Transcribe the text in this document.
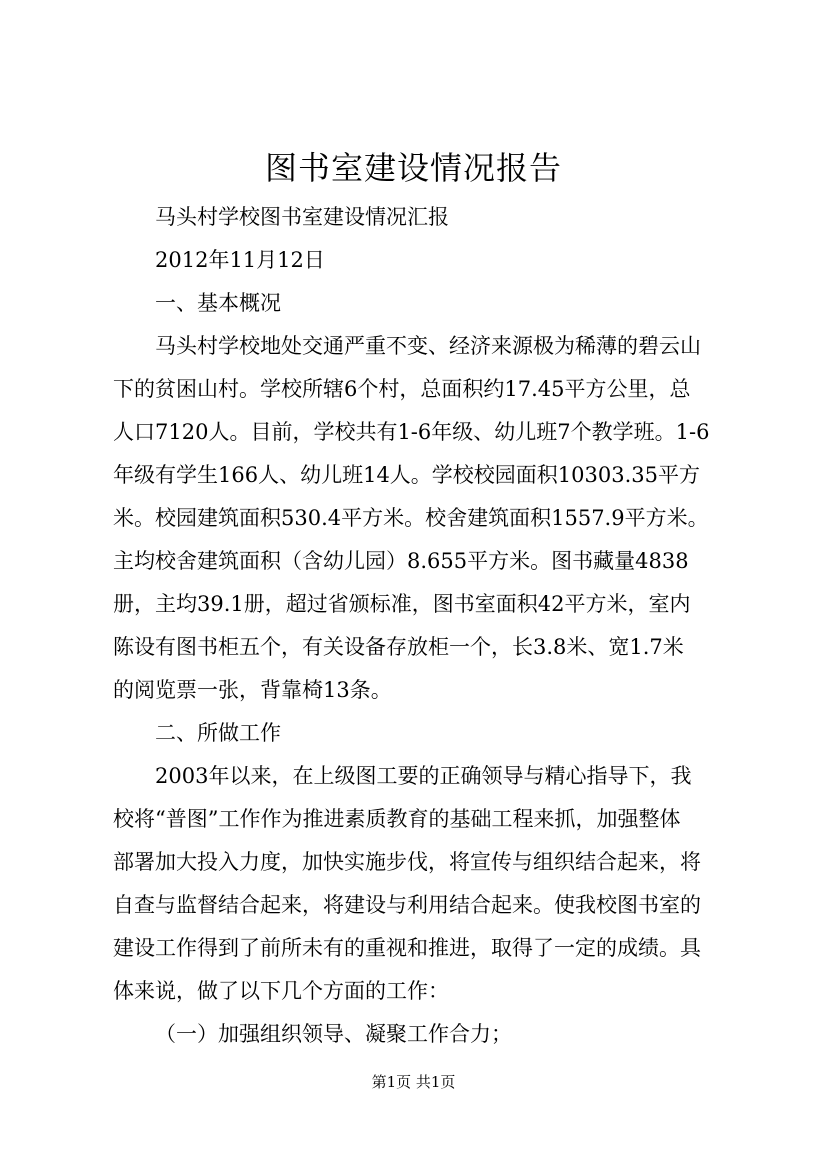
图书室建设情况报告
马头村学校图书室建设情况汇报
2012年11月12日
一、基本概况
马头村学校地处交通严重不变、经济来源极为稀薄的碧云山
下的贫困山村。学校所辖6个村，总面积约17.45平方公里，总
人口7120人。目前，学校共有1-6年级、幼儿班7个教学班。1-6
年级有学生166人、幼儿班14人。学校校园面积10303.35平方
米。校园建筑面积530.4平方米。校舍建筑面积1557.9平方米。
主均校舍建筑面积（含幼儿园）8.655平方米。图书藏量4838
册，主均39.1册，超过省颁标准，图书室面积42平方米，室内
陈设有图书柜五个，有关设备存放柜一个，长3.8米、宽1.7米
的阅览票一张，背靠椅13条。
二、所做工作
2003年以来，在上级图工要的正确领导与精心指导下，我
校将“普图”工作作为推进素质教育的基础工程来抓，加强整体
部署加大投入力度，加快实施步伐，将宣传与组织结合起来，将
自查与监督结合起来，将建设与利用结合起来。使我校图书室的
建设工作得到了前所未有的重视和推进，取得了一定的成绩。具
体来说，做了以下几个方面的工作：
（一）加强组织领导、凝聚工作合力；
第1页 共1页
